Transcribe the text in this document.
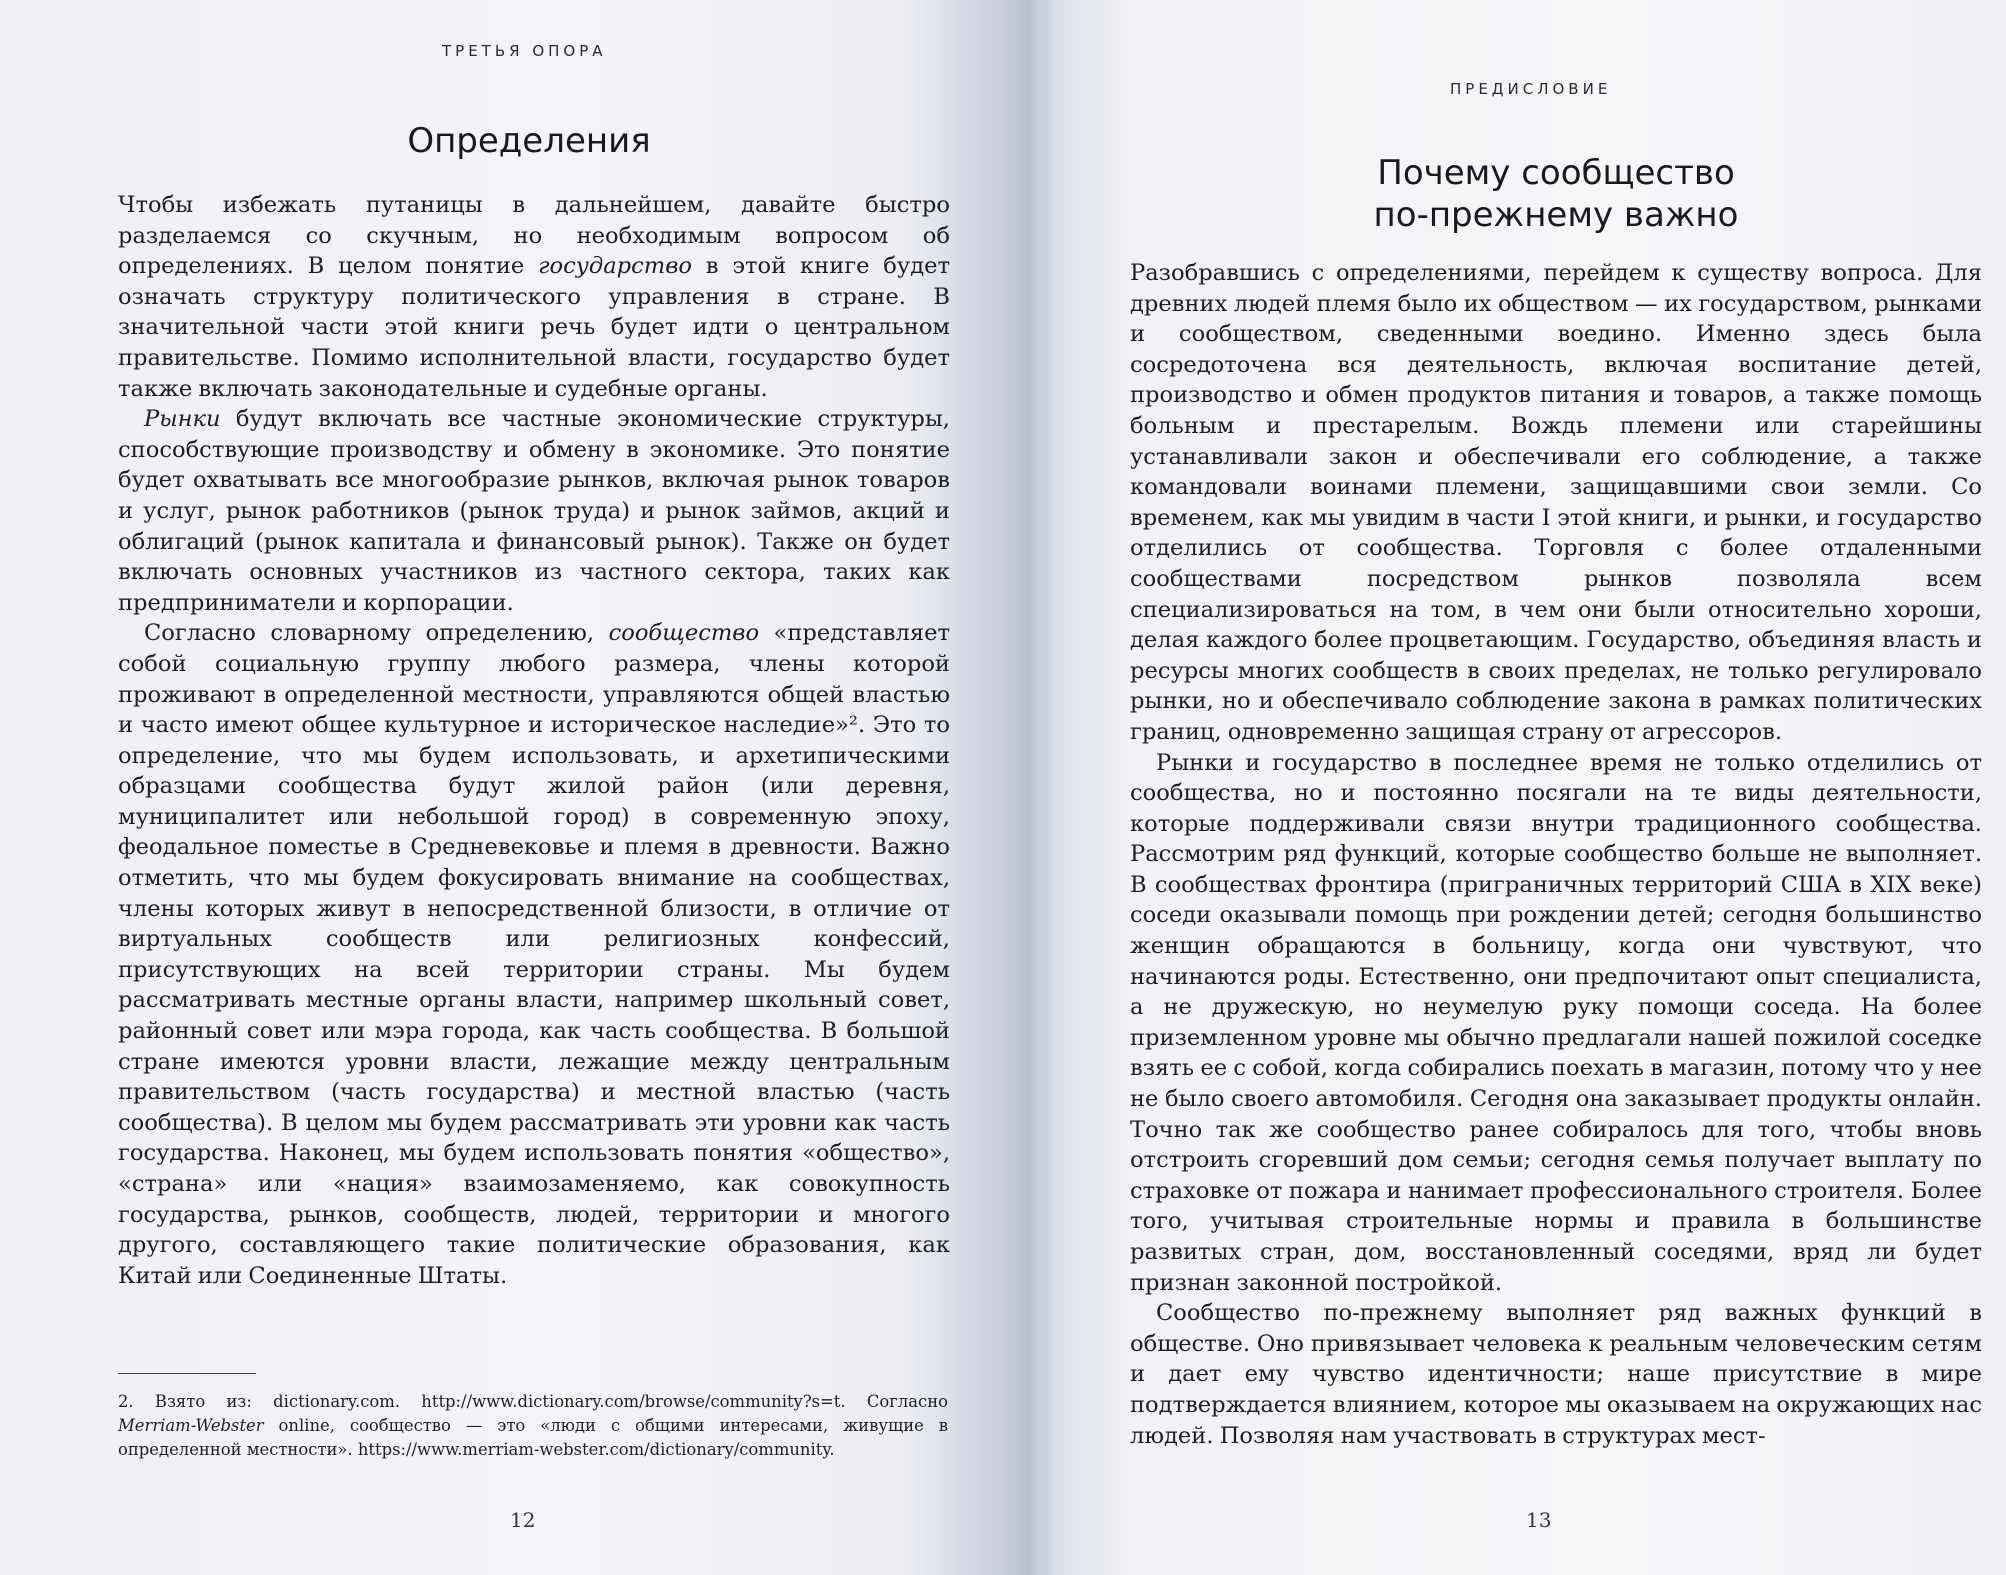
ТРЕТЬЯ ОПОРА
Определения

Чтобы избежать путаницы в дальнейшем, давайте быстро разделаемся со скучным, но необходимым вопросом об определениях. В целом понятие государство в этой книге будет означать структуру политического управления в стране. В значительной части этой книги речь будет идти о центральном правительстве. Помимо исполнительной власти, государство будет также включать законодательные и судебные органы.

Рынки будут включать все частные экономические структуры, способствующие производству и обмену в экономике. Это понятие будет охватывать все многообразие рынков, включая рынок товаров и услуг, рынок работников (рынок труда) и рынок займов, акций и облигаций (рынок капитала и финансовый рынок). Также он будет включать основных участников из частного сектора, таких как предприниматели и корпорации.

Согласно словарному определению, сообщество «представляет собой социальную группу любого размера, члены которой проживают в определенной местности, управляются общей властью и часто имеют общее культурное и историческое наследие»². Это то определение, что мы будем использовать, и архетипическими образцами сообщества будут жилой район (или деревня, муниципалитет или небольшой город) в современную эпоху, феодальное поместье в Средневековье и племя в древности. Важно отметить, что мы будем фокусировать внимание на сообществах, члены которых живут в непосредственной близости, в отличие от виртуальных сообществ или религиозных конфессий, присутствующих на всей территории страны. Мы будем рассматривать местные органы власти, например школьный совет, районный совет или мэра города, как часть сообщества. В большой стране имеются уровни власти, лежащие между центральным правительством (часть государства) и местной властью (часть сообщества). В целом мы будем рассматривать эти уровни как часть государства. Наконец, мы будем использовать понятия «общество», «страна» или «нация» взаимозаменяемо, как совокупность государства, рынков, сообществ, людей, территории и многого другого, составляющего такие политические образования, как Китай или Соединенные Штаты.

2. Взято из: dictionary.com. http://www.dictionary.com/browse/community?s=t. Согласно Merriam-Webster online, сообщество — это «люди с общими интересами, живущие в определенной местности». https://www.merriam-webster.com/dictionary/community.
12
ПРЕДИСЛОВИЕ
Почему сообщество
по-прежнему важно

Разобравшись с определениями, перейдем к существу вопроса. Для древних людей племя было их обществом — их государством, рынками и сообществом, сведенными воедино. Именно здесь была сосредоточена вся деятельность, включая воспитание детей, производство и обмен продуктов питания и товаров, а также помощь больным и престарелым. Вождь племени или старейшины устанавливали закон и обеспечивали его соблюдение, а также командовали воинами племени, защищавшими свои земли. Со временем, как мы увидим в части I этой книги, и рынки, и государство отделились от сообщества. Торговля с более отдаленными сообществами посредством рынков позволяла всем специализироваться на том, в чем они были относительно хороши, делая каждого более процветающим. Государство, объединяя власть и ресурсы многих сообществ в своих пределах, не только регулировало рынки, но и обеспечивало соблюдение закона в рамках политических границ, одновременно защищая страну от агрессоров.

Рынки и государство в последнее время не только отделились от сообщества, но и постоянно посягали на те виды деятельности, которые поддерживали связи внутри традиционного сообщества. Рассмотрим ряд функций, которые сообщество больше не выполняет. В сообществах фронтира (приграничных территорий США в XIX веке) соседи оказывали помощь при рождении детей; сегодня большинство женщин обращаются в больницу, когда они чувствуют, что начинаются роды. Естественно, они предпочитают опыт специалиста, а не дружескую, но неумелую руку помощи соседа. На более приземленном уровне мы обычно предлагали нашей пожилой соседке взять ее с собой, когда собирались поехать в магазин, потому что у нее не было своего автомобиля. Сегодня она заказывает продукты онлайн. Точно так же сообщество ранее собиралось для того, чтобы вновь отстроить сгоревший дом семьи; сегодня семья получает выплату по страховке от пожара и нанимает профессионального строителя. Более того, учитывая строительные нормы и правила в большинстве развитых стран, дом, восстановленный соседями, вряд ли будет признан законной постройкой.

Сообщество по-прежнему выполняет ряд важных функций в обществе. Оно привязывает человека к реальным человеческим сетям и дает ему чувство идентичности; наше присутствие в мире подтверждается влиянием, которое мы оказываем на окружающих нас людей. Позволяя нам участвовать в структурах мест-

13
